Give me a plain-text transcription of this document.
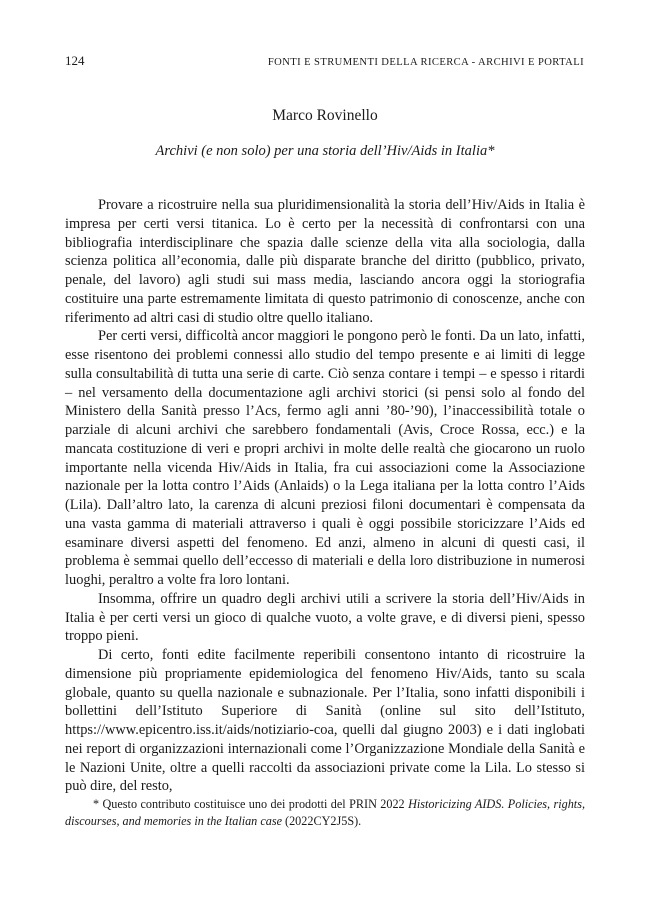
124	FONTI E STRUMENTI DELLA RICERCA - ARCHIVI E PORTALI
Marco Rovinello
Archivi (e non solo) per una storia dell’Hiv/Aids in Italia*

Provare a ricostruire nella sua pluridimensionalità la storia dell’Hiv/Aids in Italia è impresa per certi versi titanica. Lo è certo per la necessità di confrontarsi con una bibliografia interdisciplinare che spazia dalle scienze della vita alla sociologia, dalla scienza politica all’economia, dalle più disparate branche del diritto (pubblico, privato, penale, del lavoro) agli studi sui mass media, lasciando ancora oggi la storiografia costituire una parte estremamente limitata di questo patrimonio di conoscenze, anche con riferimento ad altri casi di studio oltre quello italiano.

Per certi versi, difficoltà ancor maggiori le pongono però le fonti. Da un lato, infatti, esse risentono dei problemi connessi allo studio del tempo presente e ai limiti di legge sulla consultabilità di tutta una serie di carte. Ciò senza contare i tempi – e spesso i ritardi – nel versamento della documentazione agli archivi storici (si pensi solo al fondo del Ministero della Sanità presso l’Acs, fermo agli anni ’80-’90), l’inaccessibilità totale o parziale di alcuni archivi che sarebbero fondamentali (Avis, Croce Rossa, ecc.) e la mancata costituzione di veri e propri archivi in molte delle realtà che giocarono un ruolo importante nella vicenda Hiv/Aids in Italia, fra cui associazioni come la Associazione nazionale per la lotta contro l’Aids (Anlaids) o la Lega italiana per la lotta contro l’Aids (Lila). Dall’altro lato, la carenza di alcuni preziosi filoni documentari è compensata da una vasta gamma di materiali attraverso i quali è oggi possibile storicizzare l’Aids ed esaminare diversi aspetti del fenomeno. Ed anzi, almeno in alcuni di questi casi, il problema è semmai quello dell’eccesso di materiali e della loro distribuzione in numerosi luoghi, peraltro a volte fra loro lontani.

Insomma, offrire un quadro degli archivi utili a scrivere la storia dell’Hiv/Aids in Italia è per certi versi un gioco di qualche vuoto, a volte grave, e di diversi pieni, spesso troppo pieni.

Di certo, fonti edite facilmente reperibili consentono intanto di ricostruire la dimensione più propriamente epidemiologica del fenomeno Hiv/Aids, tanto su scala globale, quanto su quella nazionale e subnazionale. Per l’Italia, sono infatti disponibili i bollettini dell’Istituto Superiore di Sanità (online sul sito dell’Istituto, https://www.epicentro.iss.it/aids/notiziario-coa, quelli dal giugno 2003) e i dati inglobati nei report di organizzazioni internazionali come l’Organizzazione Mondiale della Sanità e le Nazioni Unite, oltre a quelli raccolti da associazioni private come la Lila. Lo stesso si può dire, del resto,

* Questo contributo costituisce uno dei prodotti del PRIN 2022 Historicizing AIDS. Policies, rights, discourses, and memories in the Italian case (2022CY2J5S).
